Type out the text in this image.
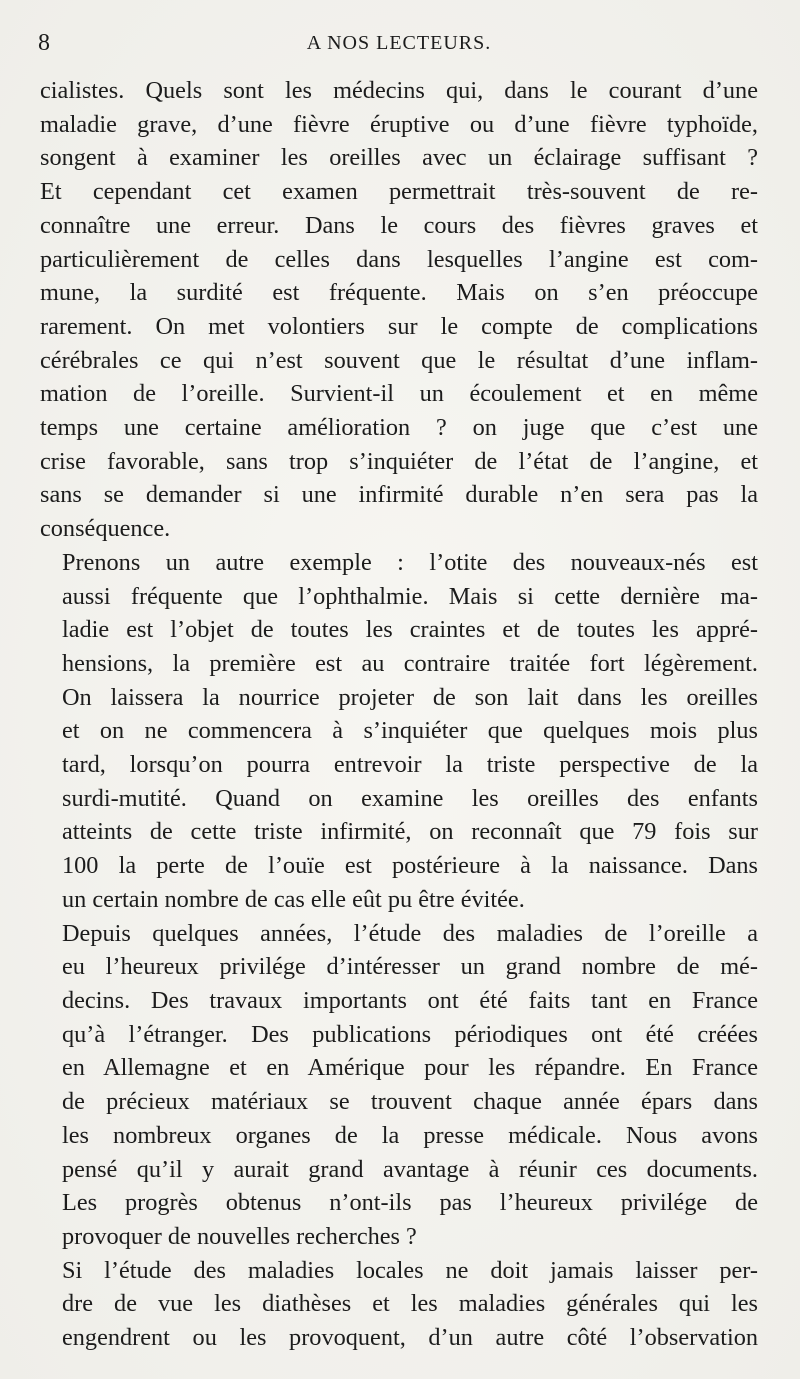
8	A NOS LECTEURS.
cialistes. Quels sont les médecins qui, dans le courant d’une
maladie grave, d’une fièvre éruptive ou d’une fièvre typhoïde,
songent à examiner les oreilles avec un éclairage suffisant ?
Et cependant cet examen permettrait très-souvent de re-
connaître une erreur. Dans le cours des fièvres graves et
particulièrement de celles dans lesquelles l’angine est com-
mune, la surdité est fréquente. Mais on s’en préoccupe
rarement. On met volontiers sur le compte de complications
cérébrales ce qui n’est souvent que le résultat d’une inflam-
mation de l’oreille. Survient-il un écoulement et en même
temps une certaine amélioration ? on juge que c’est une
crise favorable, sans trop s’inquiéter de l’état de l’angine, et
sans se demander si une infirmité durable n’en sera pas la
conséquence.
Prenons un autre exemple : l’otite des nouveaux-nés est
aussi fréquente que l’ophthalmie. Mais si cette dernière ma-
ladie est l’objet de toutes les craintes et de toutes les appré-
hensions, la première est au contraire traitée fort légèrement.
On laissera la nourrice projeter de son lait dans les oreilles
et on ne commencera à s’inquiéter que quelques mois plus
tard, lorsqu’on pourra entrevoir la triste perspective de la
surdi-mutité. Quand on examine les oreilles des enfants
atteints de cette triste infirmité, on reconnaît que 79 fois sur
100 la perte de l’ouïe est postérieure à la naissance. Dans
un certain nombre de cas elle eût pu être évitée.
Depuis quelques années, l’étude des maladies de l’oreille a
eu l’heureux privilége d’intéresser un grand nombre de mé-
decins. Des travaux importants ont été faits tant en France
qu’à l’étranger. Des publications périodiques ont été créées
en Allemagne et en Amérique pour les répandre. En France
de précieux matériaux se trouvent chaque année épars dans
les nombreux organes de la presse médicale. Nous avons
pensé qu’il y aurait grand avantage à réunir ces documents.
Les progrès obtenus n’ont-ils pas l’heureux privilége de
provoquer de nouvelles recherches ?
Si l’étude des maladies locales ne doit jamais laisser per-
dre de vue les diathèses et les maladies générales qui les
engendrent ou les provoquent, d’un autre côté l’observation
